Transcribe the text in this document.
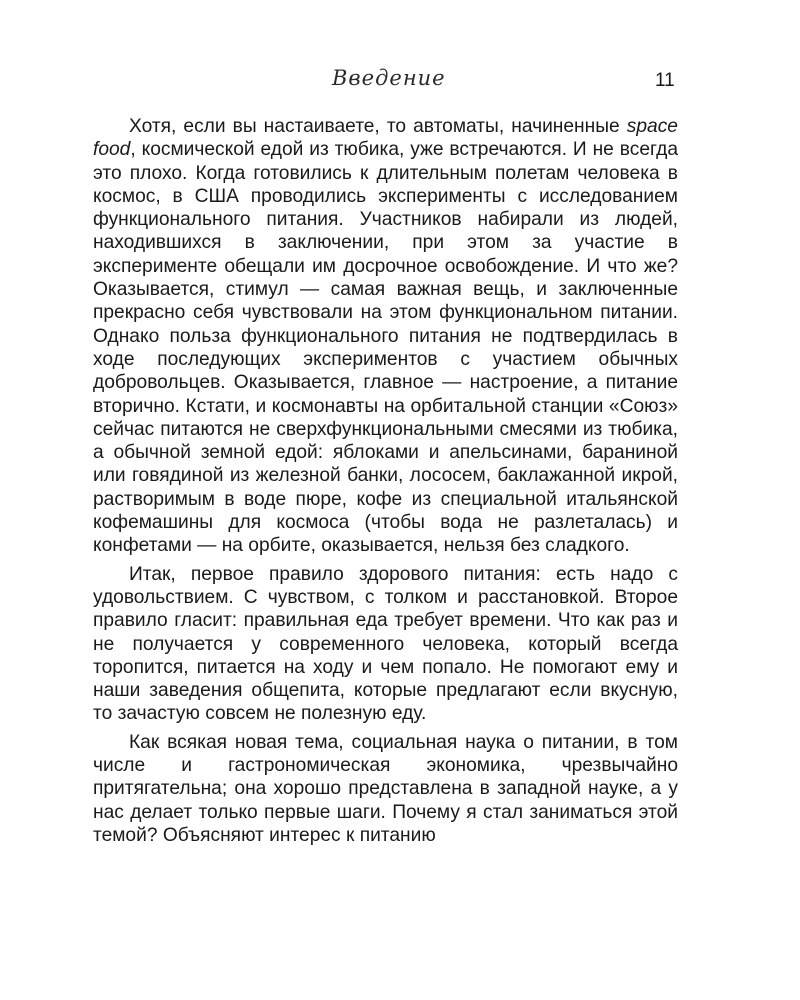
Введение	11

Хотя, если вы настаиваете, то автоматы, начиненные space food, космической едой из тюбика, уже встречаются. И не всегда это плохо. Когда готовились к длительным полетам человека в космос, в США проводились эксперименты с исследованием функционального питания. Участников набирали из людей, находившихся в заключении, при этом за участие в эксперименте обещали им досрочное освобождение. И что же? Оказывается, стимул — самая важная вещь, и заключенные прекрасно себя чувствовали на этом функциональном питании. Однако польза функционального питания не подтвердилась в ходе последующих экспериментов с участием обычных добровольцев. Оказывается, главное — настроение, а питание вторично. Кстати, и космонавты на орбитальной станции «Союз» сейчас питаются не сверхфункциональными смесями из тюбика, а обычной земной едой: яблоками и апельсинами, бараниной или говядиной из железной банки, лососем, баклажанной икрой, растворимым в воде пюре, кофе из специальной итальянской кофемашины для космоса (чтобы вода не разлеталась) и конфетами — на орбите, оказывается, нельзя без сладкого.

Итак, первое правило здорового питания: есть надо с удовольствием. С чувством, с толком и расстановкой. Второе правило гласит: правильная еда требует времени. Что как раз и не получается у современного человека, который всегда торопится, питается на ходу и чем попало. Не помогают ему и наши заведения общепита, которые предлагают если вкусную, то зачастую совсем не полезную еду.

Как всякая новая тема, социальная наука о питании, в том числе и гастрономическая экономика, чрезвычайно притягательна; она хорошо представлена в западной науке, а у нас делает только первые шаги. Почему я стал заниматься этой темой? Объясняют интерес к питанию
